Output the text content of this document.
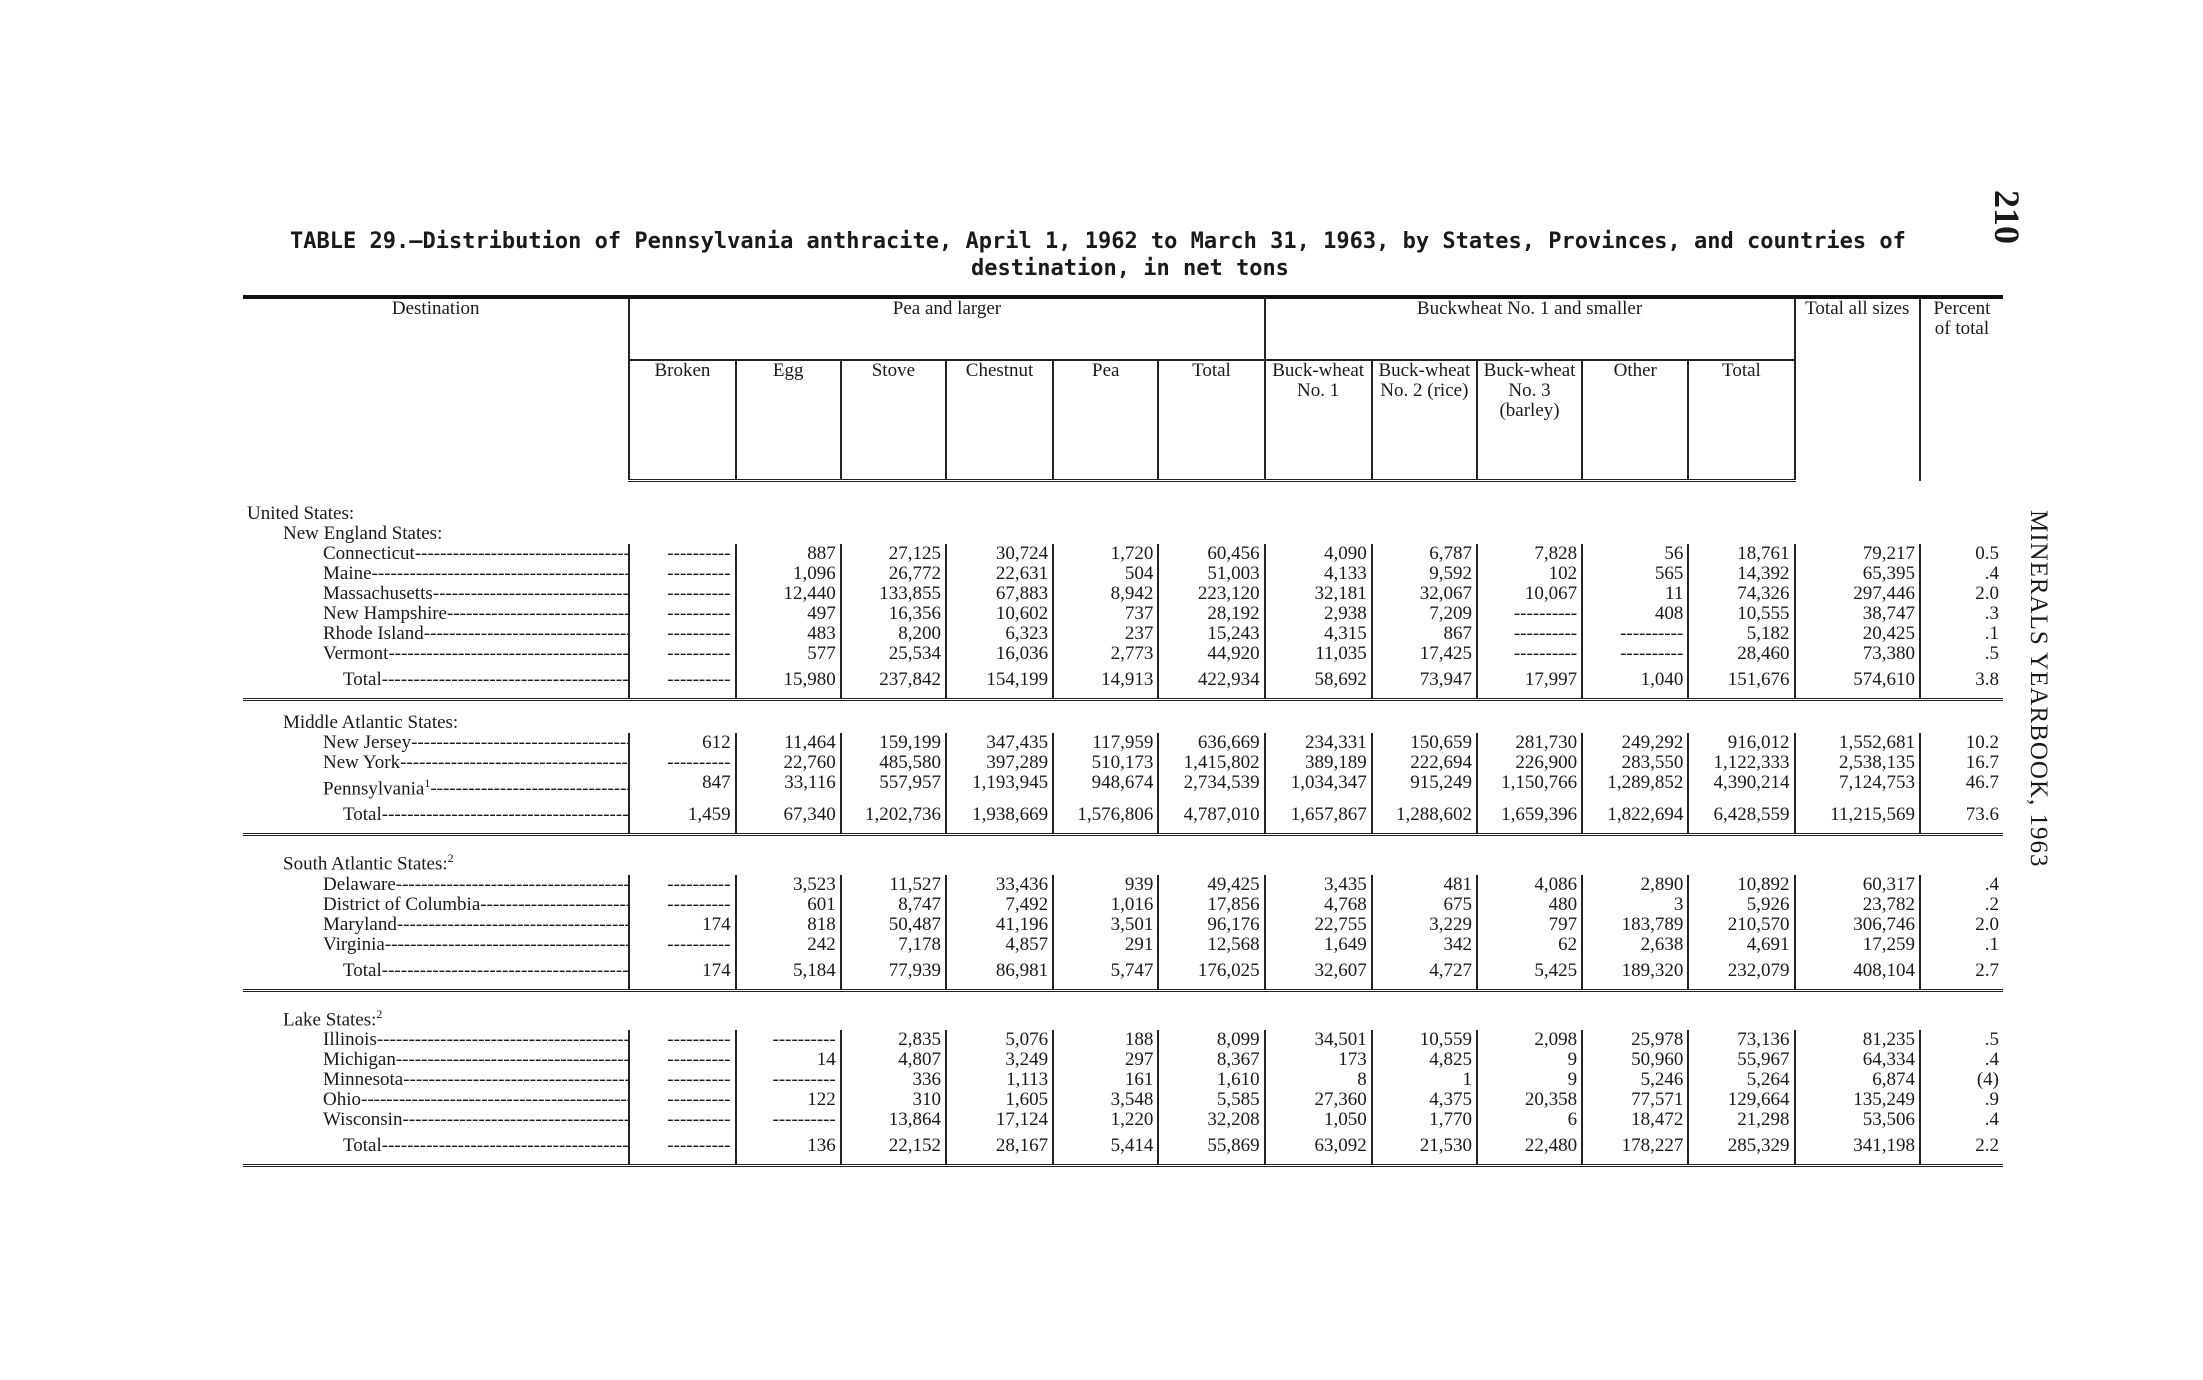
210
MINERALS YEARBOOK, 1963
TABLE 29.—Distribution of Pennsylvania anthracite, April 1, 1962 to March 31, 1963, by States, Provinces, and countries of
destination, in net tons
Destination	Pea and larger						Buckwheat No. 1 and smaller					Total all sizes	Percent of total
	Broken	Egg	Stove	Chestnut	Pea	Total	Buck-wheat No. 1	Buck-wheat No. 2 (rice)	Buck-wheat No. 3 (barley)	Other	Total		
United States:													
New England States:													
Connecticut -----	-----	887	27,125	30,724	1,720	60,456	4,090	6,787	7,828	56	18,761	79,217	0.5
Maine -----	-----	1,096	26,772	22,631	504	51,003	4,133	9,592	102	565	14,392	65,395	.4
Massachusetts -----	-----	12,440	133,855	67,883	8,942	223,120	32,181	32,067	10,067	11	74,326	297,446	2.0
New Hampshire -----	-----	497	16,356	10,602	737	28,192	2,938	7,209	-----	408	10,555	38,747	.3
Rhode Island -----	-----	483	8,200	6,323	237	15,243	4,315	867	-----	-----	5,182	20,425	.1
Vermont -----	-----	577	25,534	16,036	2,773	44,920	11,035	17,425	-----	-----	28,460	73,380	.5
Total -----	-----	15,980	237,842	154,199	14,913	422,934	58,692	73,947	17,997	1,040	151,676	574,610	3.8
Middle Atlantic States:													
New Jersey -----	612	11,464	159,199	347,435	117,959	636,669	234,331	150,659	281,730	249,292	916,012	1,552,681	10.2
New York -----	-----	22,760	485,580	397,289	510,173	1,415,802	389,189	222,694	226,900	283,550	1,122,333	2,538,135	16.7
Pennsylvania$^1$ -----	847	33,116	557,957	1,193,945	948,674	2,734,539	1,034,347	915,249	1,150,766	1,289,852	4,390,214	7,124,753	46.7
Total -----	1,459	67,340	1,202,736	1,938,669	1,576,806	4,787,010	1,657,867	1,288,602	1,659,396	1,822,694	6,428,559	11,215,569	73.6
South Atlantic States:$^2$
Delaware -----	-----	3,523	11,527	33,436	939	49,425	3,435	481	4,086	2,890	10,892	60,317	.4
District of Columbia -----	-----	601	8,747	7,492	1,016	17,856	4,768	675	480	3	5,926	23,782	.2
Maryland -----	174	818	50,487	41,196	3,501	96,176	22,755	3,229	797	183,789	210,570	306,746	2.0
Virginia -----	-----	242	7,178	4,857	291	12,568	1,649	342	62	2,638	4,691	17,259	.1
Total -----	174	5,184	77,939	86,981	5,747	176,025	32,607	4,727	5,425	189,320	232,079	408,104	2.7
Lake States:$^2$
Illinois -----	-----	-----	2,835	5,076	188	8,099	34,501	10,559	2,098	25,978	73,136	81,235	.5
Michigan -----	-----	14	4,807	3,249	297	8,367	173	4,825	9	50,960	55,967	64,334	.4
Minnesota -----	-----	-----	336	1,113	161	1,610	8	1	9	5,246	5,264	6,874	(4)
Ohio -----	-----	122	310	1,605	3,548	5,585	27,360	4,375	20,358	77,571	129,664	135,249	.9
Wisconsin -----	-----	-----	13,864	17,124	1,220	32,208	1,050	1,770	6	18,472	21,298	53,506	.4
Total -----	-----	136	22,152	28,167	5,414	55,869	63,092	21,530	22,480	178,227	285,329	341,198	2.2
